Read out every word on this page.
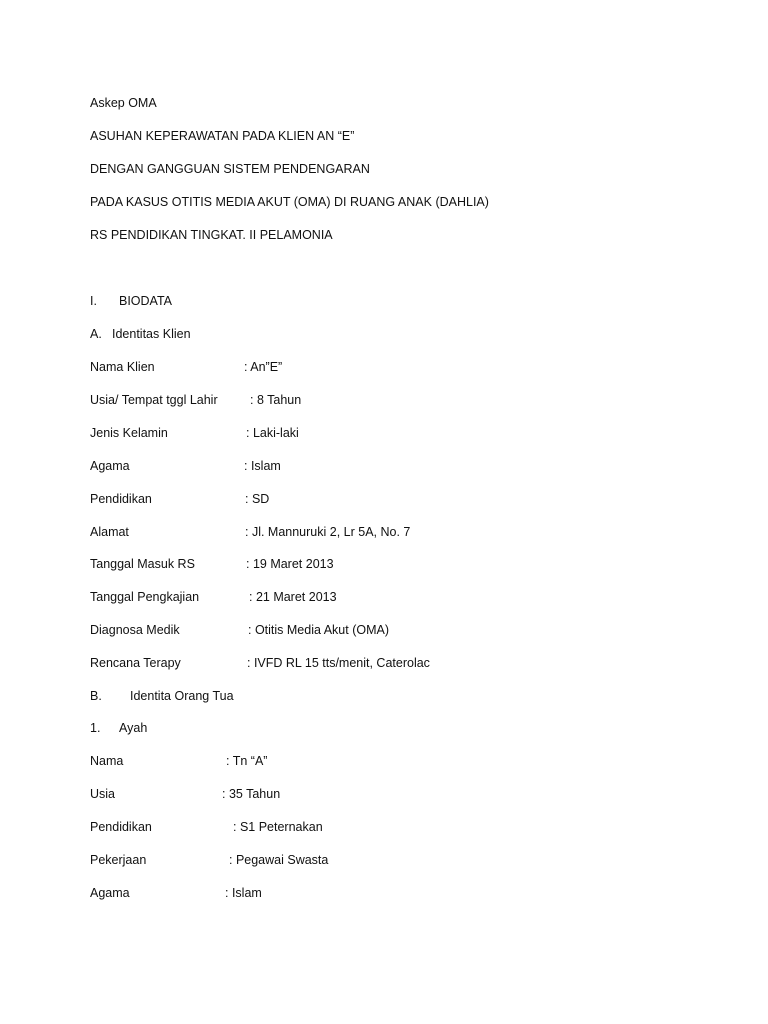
Askep OMA
ASUHAN KEPERAWATAN PADA KLIEN AN “E”
DENGAN GANGGUAN SISTEM PENDENGARAN
PADA KASUS OTITIS MEDIA AKUT (OMA) DI RUANG ANAK (DAHLIA)
RS PENDIDIKAN TINGKAT. II PELAMONIA
I. BIODATA
A. Identitas Klien
Nama Klien	: An”E”
Usia/ Tempat tggl Lahir	: 8 Tahun
Jenis Kelamin	: Laki-laki
Agama	: Islam
Pendidikan	: SD
Alamat	: Jl. Mannuruki 2, Lr 5A, No. 7
Tanggal Masuk RS	: 19 Maret 2013
Tanggal Pengkajian	: 21 Maret 2013
Diagnosa Medik	: Otitis Media Akut (OMA)
Rencana Terapy	: IVFD RL 15 tts/menit, Caterolac
B. Identita Orang Tua
1. Ayah
Nama	: Tn “A”
Usia	: 35 Tahun
Pendidikan	: S1 Peternakan
Pekerjaan	: Pegawai Swasta
Agama	: Islam
